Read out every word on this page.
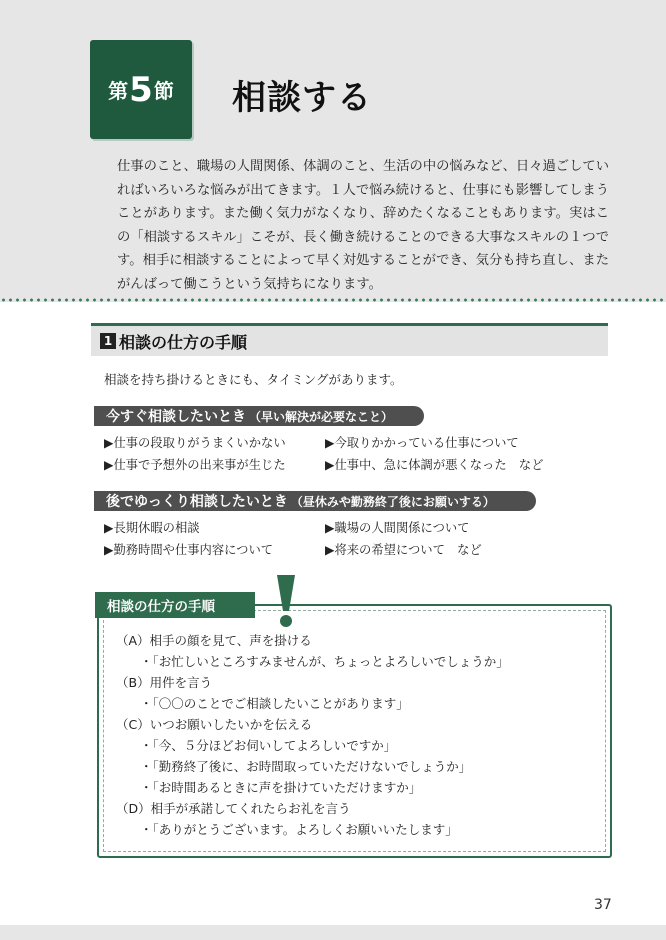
第 5 節 相談する

仕事のこと、職場の人間関係、体調のこと、生活の中の悩みなど、日々過ごしていればいろいろな悩みが出てきます。１人で悩み続けると、仕事にも影響してしまうことがあります。また働く気力がなくなり、辞めたくなることもあります。実はこの「相談するスキル」こそが、長く働き続けることのできる大事なスキルの１つです。相手に相談することによって早く対処することができ、気分も持ち直し、またがんばって働こうという気持ちになります。

1 相談の仕方の手順
相談を持ち掛けるときにも、タイミングがあります。
今すぐ相談したいとき （早い解決が必要なこと）
▶仕事の段取りがうまくいかない	▶今取りかかっている仕事について
▶仕事で予想外の出来事が生じた	▶仕事中、急に体調が悪くなった　など
後でゆっくり相談したいとき （昼休みや勤務終了後にお願いする）
▶長期休暇の相談	▶職場の人間関係について
▶勤務時間や仕事内容について	▶将来の希望について　など
相談の仕方の手順
（A）相手の顔を見て、声を掛ける
・「お忙しいところすみませんが、ちょっとよろしいでしょうか」
（B）用件を言う
・「〇〇のことでご相談したいことがあります」
（C）いつお願いしたいかを伝える
・「今、５分ほどお伺いしてよろしいですか」
・「勤務終了後に、お時間取っていただけないでしょうか」
・「お時間あるときに声を掛けていただけますか」
（D）相手が承諾してくれたらお礼を言う
・「ありがとうございます。よろしくお願いいたします」
37
